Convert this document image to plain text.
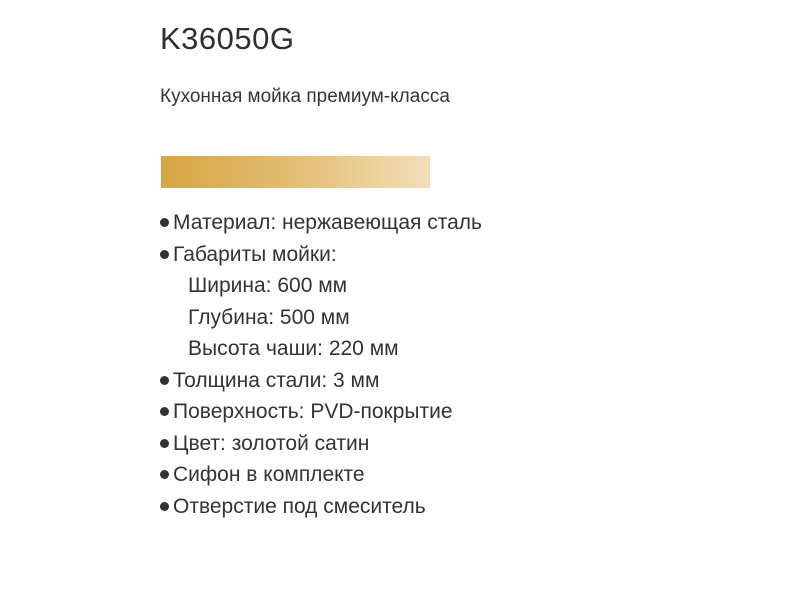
K36050G
Кухонная мойка премиум-класса
Материал: нержавеющая сталь
Габариты мойки:
Ширина: 600 мм
Глубина: 500 мм
Высота чаши: 220 мм
Толщина стали: 3 мм
Поверхность: PVD-покрытие
Цвет: золотой сатин
Сифон в комплекте
Отверстие под смеситель
